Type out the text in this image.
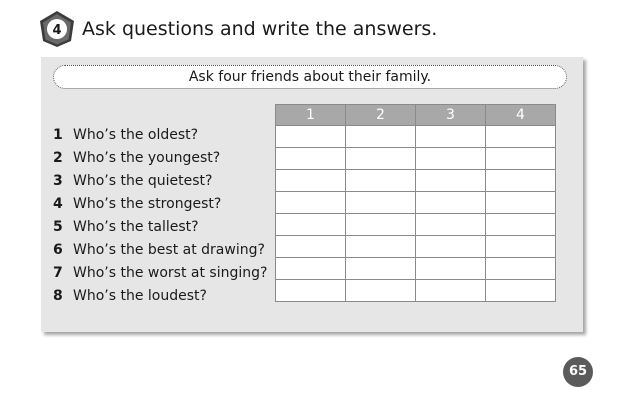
4 Ask questions and write the answers.
Ask four friends about their family.
1	2	3	4

1 Who’s the oldest?
2 Who’s the youngest?
3 Who’s the quietest?
4 Who’s the strongest?
5 Who’s the tallest?
6 Who’s the best at drawing?
7 Who’s the worst at singing?
8 Who’s the loudest?
65
